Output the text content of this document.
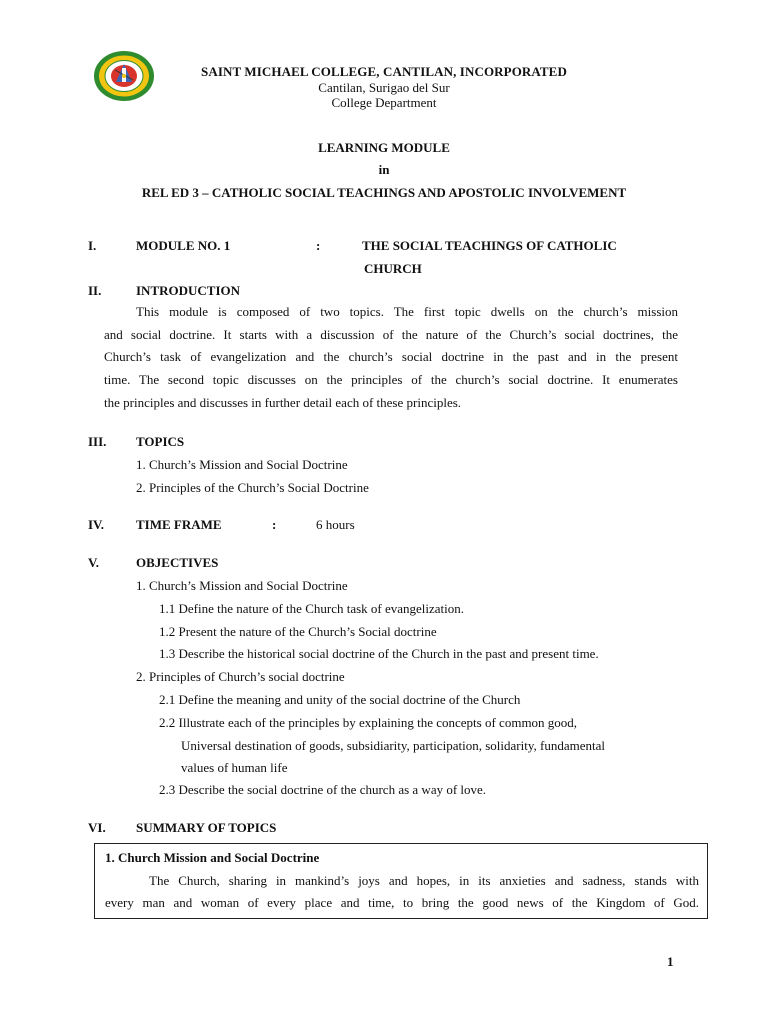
SAINT MICHAEL COLLEGE, CANTILAN, INCORPORATED
Cantilan, Surigao del Sur
College Department
LEARNING MODULE
in
REL ED 3 – CATHOLIC SOCIAL TEACHINGS AND APOSTOLIC INVOLVEMENT
I.	MODULE NO. 1	:	THE SOCIAL TEACHINGS OF CATHOLIC
CHURCH
II.	INTRODUCTION
This module is composed of two topics. The first topic dwells on the church’s mission
and social doctrine. It starts with a discussion of the nature of the Church’s social doctrines, the
Church’s task of evangelization and the church’s social doctrine in the past and in the present
time. The second topic discusses on the principles of the church’s social doctrine. It enumerates
the principles and discusses in further detail each of these principles.
III. TOPICS
1. Church’s Mission and Social Doctrine
2. Principles of the Church’s Social Doctrine
IV. TIME FRAME	:	6 hours
V.	OBJECTIVES
1. Church’s Mission and Social Doctrine
1.1 Define the nature of the Church task of evangelization.
1.2 Present the nature of the Church’s Social doctrine
1.3 Describe the historical social doctrine of the Church in the past and present time.
2. Principles of Church’s social doctrine
2.1 Define the meaning and unity of the social doctrine of the Church
2.2 Illustrate each of the principles by explaining the concepts of common good,
Universal destination of goods, subsidiarity, participation, solidarity, fundamental
values of human life
2.3 Describe the social doctrine of the church as a way of love.
VI. SUMMARY OF TOPICS
1. Church Mission and Social Doctrine
The Church, sharing in mankind’s joys and hopes, in its anxieties and sadness, stands with
every man and woman of every place and time, to bring the good news of the Kingdom of God.
1
